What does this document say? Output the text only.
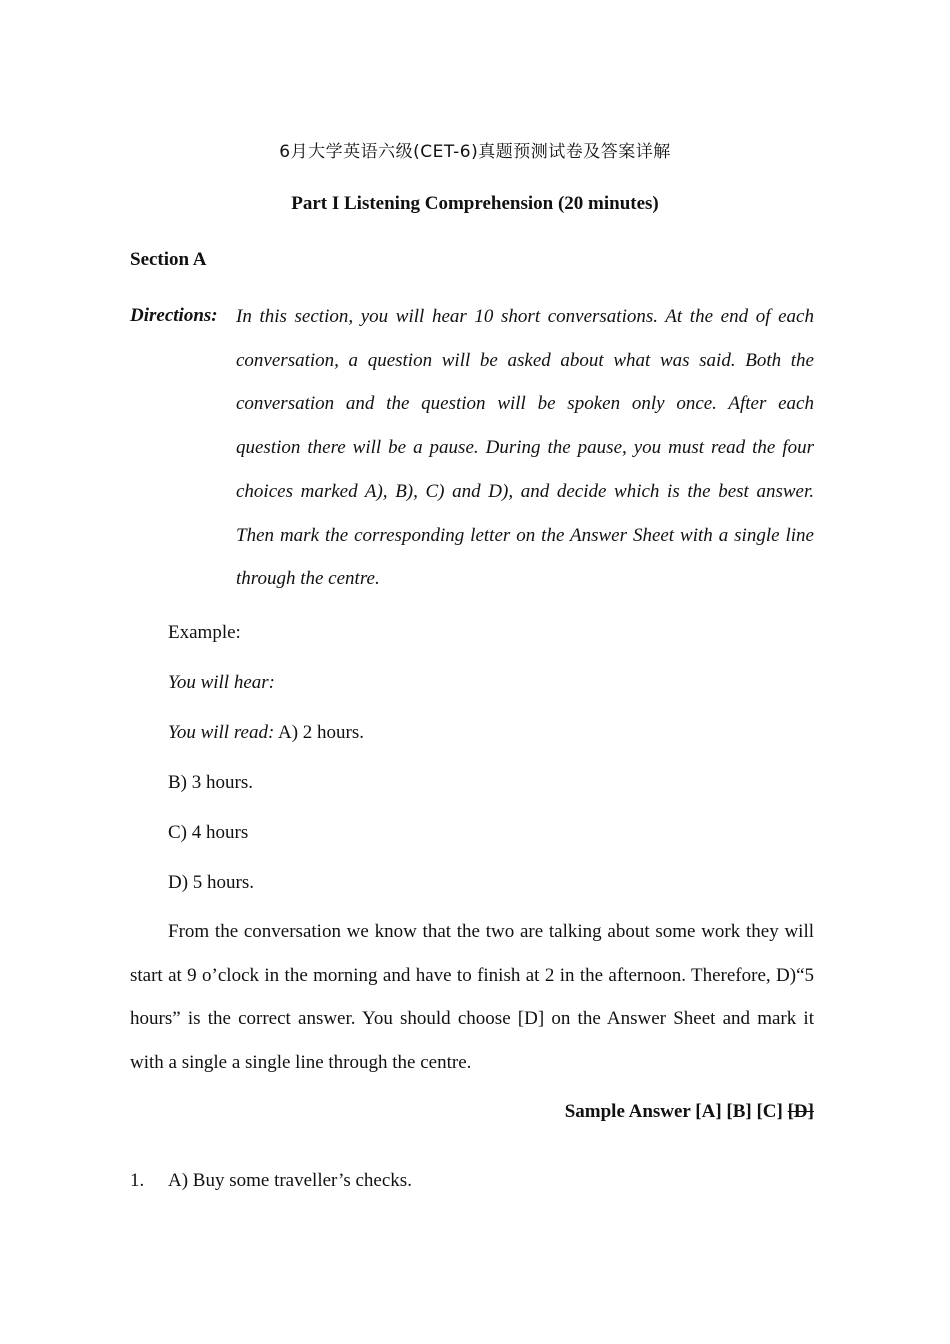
6月大学英语六级(CET-6)真题预测试卷及答案详解
Part I Listening Comprehension (20 minutes)
Section A
Directions: In this section, you will hear 10 short conversations. At the end of each
conversation, a question will be asked about what was said. Both the
conversation and the question will be spoken only once. After each
question there will be a pause. During the pause, you must read the four
choices marked A), B), C) and D), and decide which is the best answer.
Then mark the corresponding letter on the Answer Sheet with a single line
through the centre.
Example:
You will hear:
You will read: A) 2 hours.
B) 3 hours.
C) 4 hours
D) 5 hours.
From the conversation we know that the two are talking about some work they will
start at 9 o’clock in the morning and have to finish at 2 in the afternoon. Therefore, D)“5
hours” is the correct answer. You should choose [D] on the Answer Sheet and mark it
with a single a single line through the centre.
Sample Answer [A] [B] [C] [D]
1. A) Buy some traveller’s checks.
